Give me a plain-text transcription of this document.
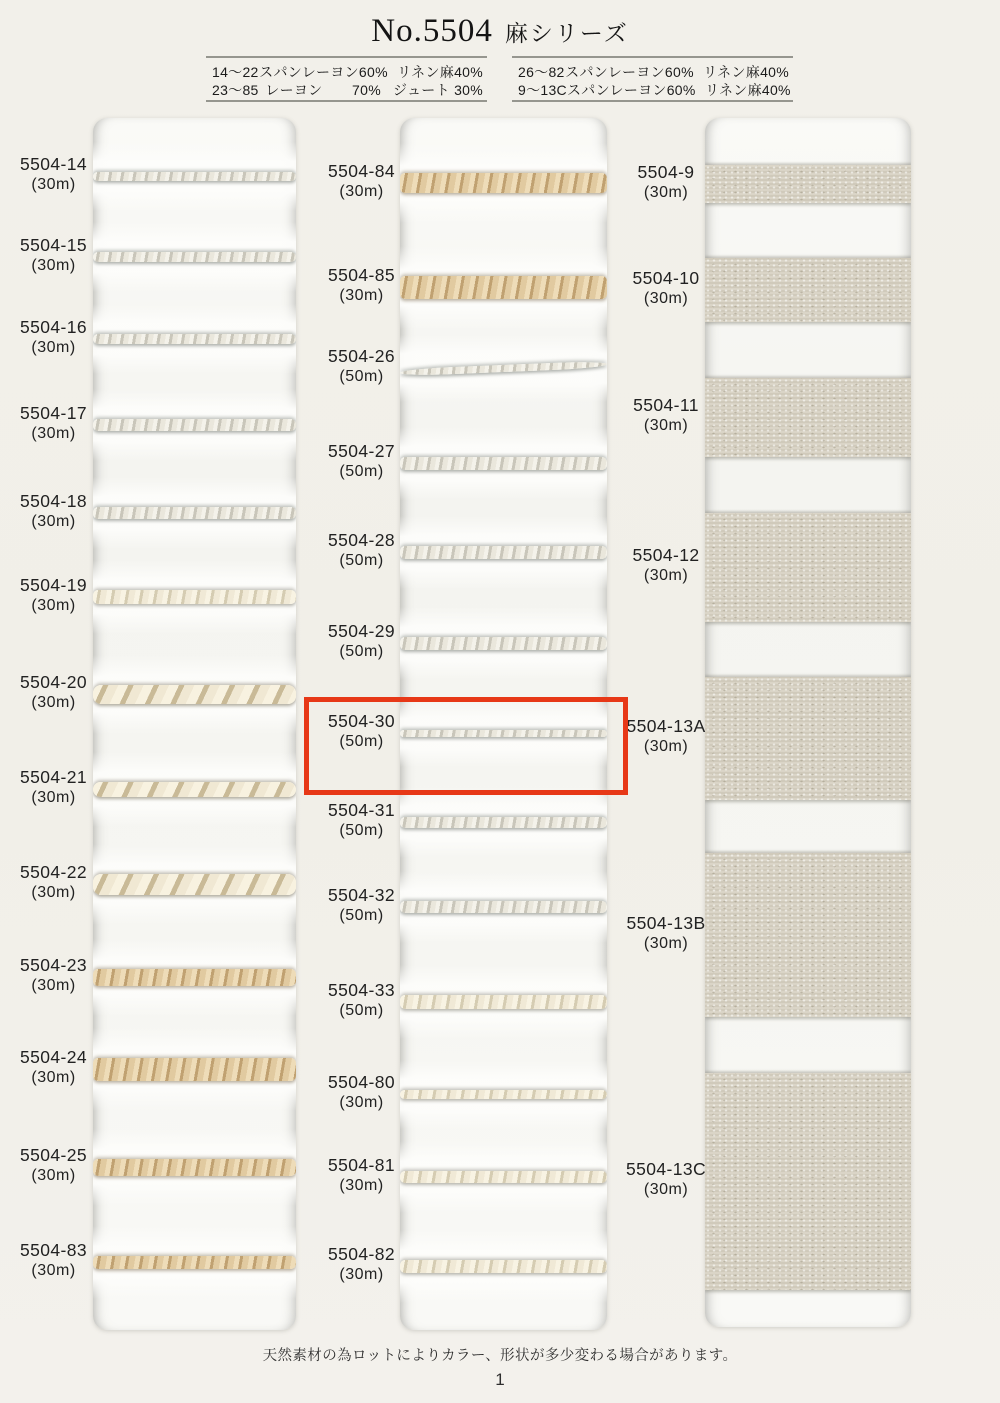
No.5504 麻シリーズ
14〜22 スパンレーヨン 60% リネン麻40%
23〜85 レーヨン 70% ジュート 30%
26〜82 スパンレーヨン 60% リネン麻40%
9〜13C スパンレーヨン 60% リネン麻40%
5504-14
(30m)
5504-15
(30m)
5504-16
(30m)
5504-17
(30m)
5504-18
(30m)
5504-19
(30m)
5504-20
(30m)
5504-21
(30m)
5504-22
(30m)
5504-23
(30m)
5504-24
(30m)
5504-25
(30m)
5504-83
(30m)
5504-84
(30m)
5504-85
(30m)
5504-26
(50m)
5504-27
(50m)
5504-28
(50m)
5504-29
(50m)
5504-30
(50m)
5504-31
(50m)
5504-32
(50m)
5504-33
(50m)
5504-80
(30m)
5504-81
(30m)
5504-82
(30m)
5504-9
(30m)
5504-10
(30m)
5504-11
(30m)
5504-12
(30m)
5504-13A
(30m)
5504-13B
(30m)
5504-13C
(30m)
天然素材の為ロットによりカラー、形状が多少変わる場合があります。
1
